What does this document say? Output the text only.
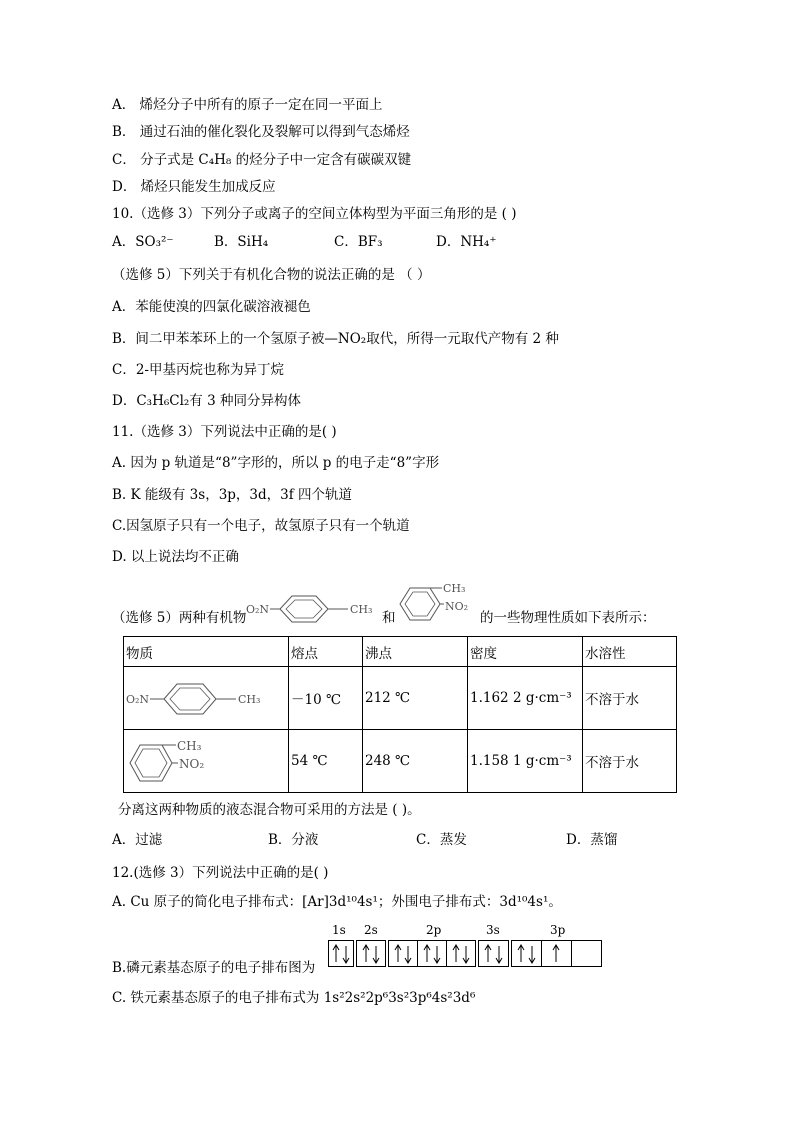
A． 烯烃分子中所有的原子一定在同一平面上
B． 通过石油的催化裂化及裂解可以得到气态烯烃
C． 分子式是 C₄H₈ 的烃分子中一定含有碳碳双键
D． 烯烃只能发生加成反应
10.（选修 3）下列分子或离子的空间立体构型为平面三角形的是 ( )
A．SO₃²⁻	B．SiH₄	C．BF₃	D．NH₄⁺
（选修 5）下列关于有机化合物的说法正确的是 （ ）
A．苯能使溴的四氯化碳溶液褪色
B．间二甲苯苯环上的一个氢原子被—NO₂取代，所得一元取代产物有 2 种
C．2-甲基丙烷也称为异丁烷
D．C₃H₆Cl₂有 3 种同分异构体
11.（选修 3）下列说法中正确的是( )
A. 因为 p 轨道是“8”字形的，所以 p 的电子走“8”字形
B. K 能级有 3s，3p，3d，3f 四个轨道
C.因氢原子只有一个电子，故氢原子只有一个轨道
D. 以上说法均不正确
（选修 5）两种有机物
O₂N	CH₃
和
CH₃
NO₂
的一些物理性质如下表所示：
物质	熔点	沸点	密度	水溶性

O₂N CH₃	－10 ℃	212 ℃	1.162 2 g·cm⁻³	不溶于水

CH₃
NO₂	54 ℃	248 ℃	1.158 1 g·cm⁻³	不溶于水
分离这两种物质的液态混合物可采用的方法是 ( )。
A．过滤	B．分液	C．蒸发	D．蒸馏
12.(选修 3）下列说法中正确的是( )
A. Cu 原子的简化电子排布式：[Ar]3d¹⁰4s¹；外围电子排布式：3d¹⁰4s¹。
B.磷元素基态原子的电子排布图为
1s 2s	2p	3s	3p
C. 铁元素基态原子的电子排布式为 1s²2s²2p⁶3s²3p⁶4s²3d⁶
